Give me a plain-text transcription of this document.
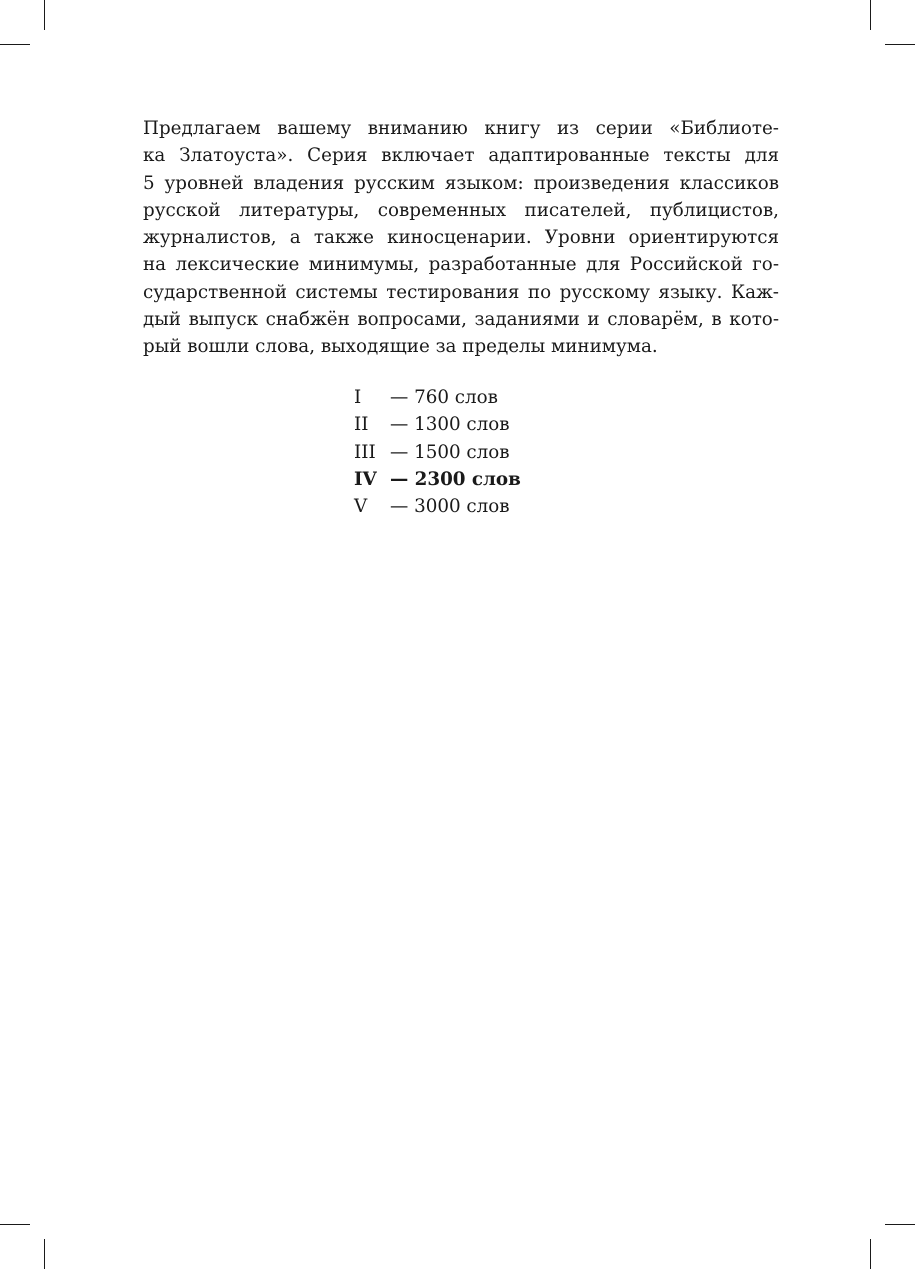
Предлагаем вашему вниманию книгу из серии «Библиоте-
ка Златоуста». Серия включает адаптированные тексты для
5 уровней владения русским языком: произведения классиков
русской литературы, современных писателей, публицистов,
журналистов, а также киносценарии. Уровни ориентируются
на лексические минимумы, разработанные для Российской го-
сударственной системы тестирования по русскому языку. Каж-
дый выпуск снабжён вопросами, заданиями и словарём, в кото-
рый вошли слова, выходящие за пределы минимума.

I	— 760 слов
II	— 1300 слов
III — 1500 слов
IV — 2300 слов
V	— 3000 слов
